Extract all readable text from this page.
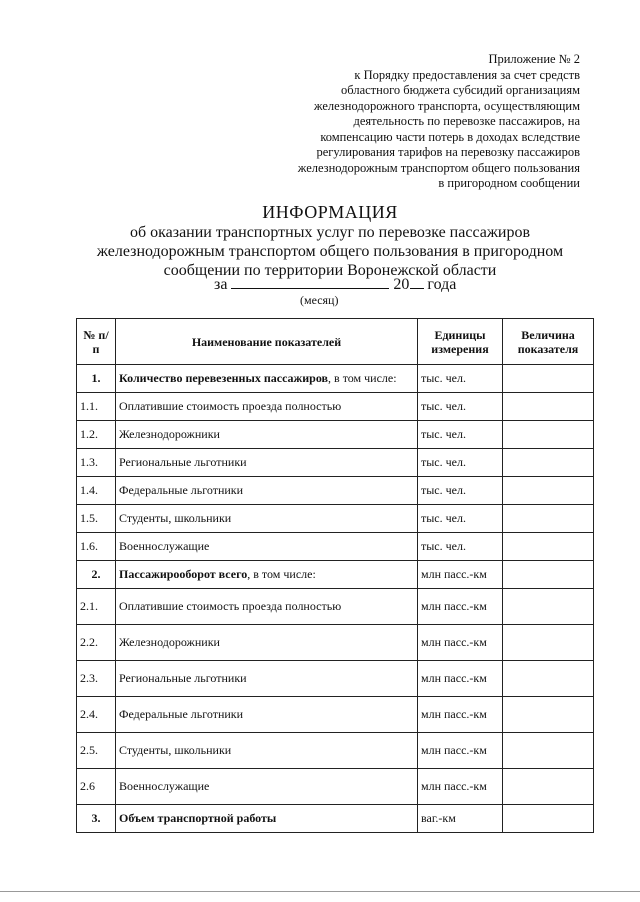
Приложение № 2
к Порядку предоставления за счет средств
областного бюджета субсидий организациям
железнодорожного транспорта, осуществляющим
деятельность по перевозке пассажиров, на
компенсацию части потерь в доходах вследствие
регулирования тарифов на перевозку пассажиров
железнодорожным транспортом общего пользования
в пригородном сообщении
ИНФОРМАЦИЯ
об оказании транспортных услуг по перевозке пассажиров
железнодорожным транспортом общего пользования в пригородном
сообщении по территории Воронежской области
за	20 года
(месяц)
№ п/п	Наименование показателей	Единицы измерения	Величина показателя
1.	Количество перевезенных пассажиров, в том числе:	тыс. чел.	
1.1.	Оплатившие стоимость проезда полностью	тыс. чел.	
1.2.	Железнодорожники	тыс. чел.	
1.3.	Региональные льготники	тыс. чел.	
1.4.	Федеральные льготники	тыс. чел.	
1.5.	Студенты, школьники	тыс. чел.	
1.6.	Военнослужащие	тыс. чел.	
2.	Пассажирооборот всего, в том числе:	млн пасс.-км	
2.1.	Оплатившие стоимость проезда полностью	млн пасс.-км	
2.2.	Железнодорожники	млн пасс.-км	
2.3.	Региональные льготники	млн пасс.-км	
2.4.	Федеральные льготники	млн пасс.-км	
2.5.	Студенты, школьники	млн пасс.-км	
2.6	Военнослужащие	млн пасс.-км	
3.	Объем транспортной работы	ваг.-км	
